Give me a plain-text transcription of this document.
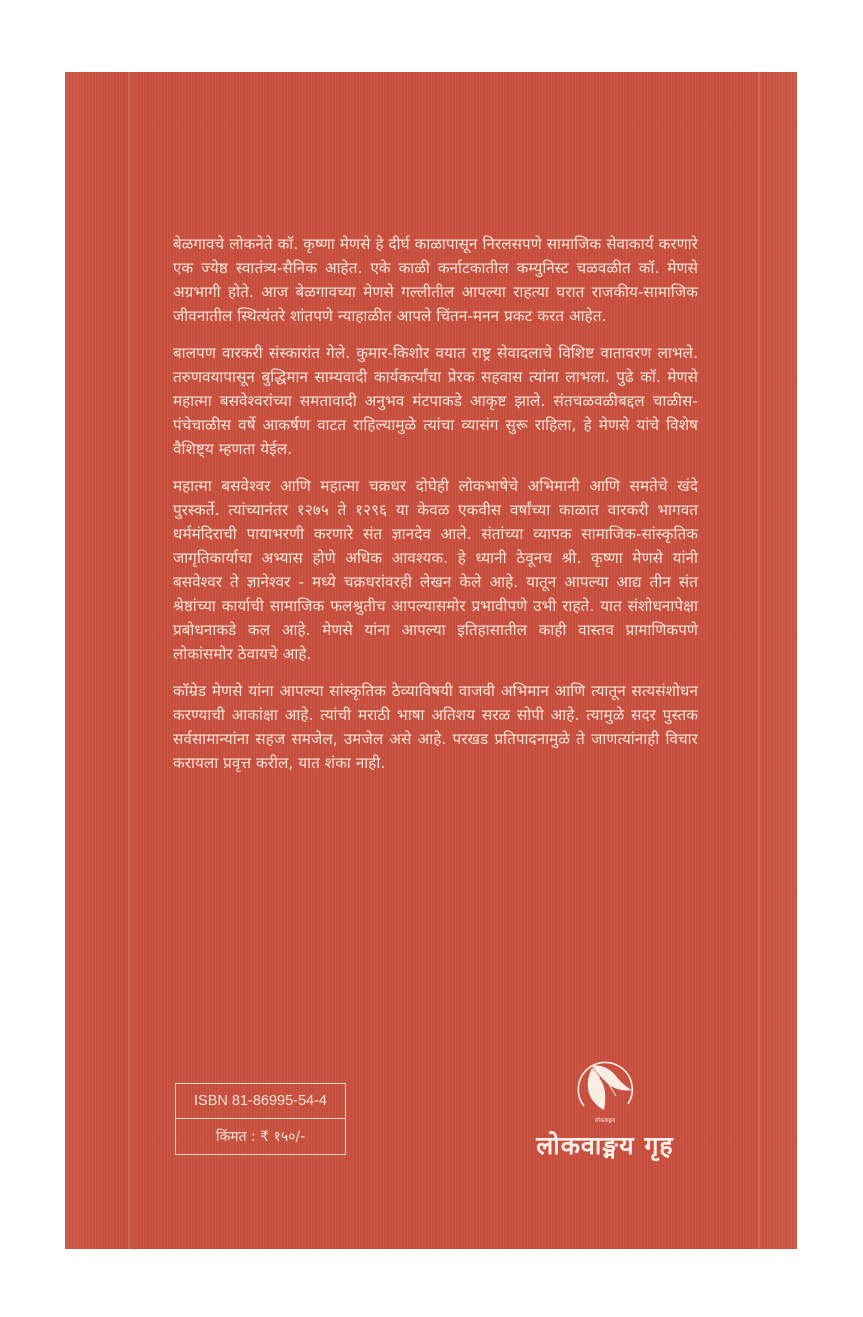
बेळगावचे लोकनेते कॉ. कृष्णा मेणसे हे दीर्घ काळापासून निरलसपणे सामाजिक सेवाकार्य करणारे एक ज्येष्ठ स्वातंत्र्य-सैनिक आहेत. एके काळी कर्नाटकातील कम्युनिस्ट चळवळीत कॉ. मेणसे अग्रभागी होते. आज बेळगावच्या मेणसे गल्लीतील आपल्या राहत्या घरात राजकीय-सामाजिक जीवनातील स्थित्यंतरे शांतपणे न्याहाळीत आपले चिंतन-मनन प्रकट करत आहेत.

बालपण वारकरी संस्कारांत गेले. कुमार-किशोर वयात राष्ट्र सेवादलाचे विशिष्ट वातावरण लाभले. तरुणवयापासून बुद्धिमान साम्यवादी कार्यकर्त्यांचा प्रेरक सहवास त्यांना लाभला. पुढे कॉ. मेणसे महात्मा बसवेश्वरांच्या समतावादी अनुभव मंटपाकडे आकृष्ट झाले. संतचळवळीबद्दल चाळीस-पंचेचाळीस वर्षे आकर्षण वाटत राहिल्यामुळे त्यांचा व्यासंग सुरू राहिला, हे मेणसे यांचे विशेष वैशिष्ट्य म्हणता येईल.

महात्मा बसवेश्वर आणि महात्मा चक्रधर दोघेही लोकभाषेचे अभिमानी आणि समतेचे खंदे पुरस्कर्ते. त्यांच्यानंतर १२७५ ते १२९६ या केवळ एकवीस वर्षांच्या काळात वारकरी भागवत धर्ममंदिराची पायाभरणी करणारे संत ज्ञानदेव आले. संतांच्या व्यापक सामाजिक-सांस्कृतिक जागृतिकार्याचा अभ्यास होणे अधिक आवश्यक. हे ध्यानी ठेवूनच श्री. कृष्णा मेणसे यांनी बसवेश्वर ते ज्ञानेश्वर - मध्ये चक्रधरांवरही लेखन केले आहे. यातून आपल्या आद्य तीन संत श्रेष्ठांच्या कार्याची सामाजिक फलश्रुतीच आपल्यासमोर प्रभावीपणे उभी राहते. यात संशोधनापेक्षा प्रबोधनाकडे कल आहे. मेणसे यांना आपल्या इतिहासातील काही वास्तव प्रामाणिकपणे लोकांसमोर ठेवायचे आहे.

कॉम्रेड मेणसे यांना आपल्या सांस्कृतिक ठेव्याविषयी वाजवी अभिमान आणि त्यातून सत्यसंशोधन करण्याची आकांक्षा आहे. त्यांची मराठी भाषा अतिशय सरळ सोपी आहे. त्यामुळे सदर पुस्तक सर्वसामान्यांना सहज समजेल, उमजेल असे आहे. परखड प्रतिपादनामुळे ते जाणत्यांनाही विचार करायला प्रवृत्त करील, यात शंका नाही.

ISBN 81-86995-54-4
किंमत : ₹ १५०/-
लोकवाङ्मय
लोकवाङ्मय गृह
